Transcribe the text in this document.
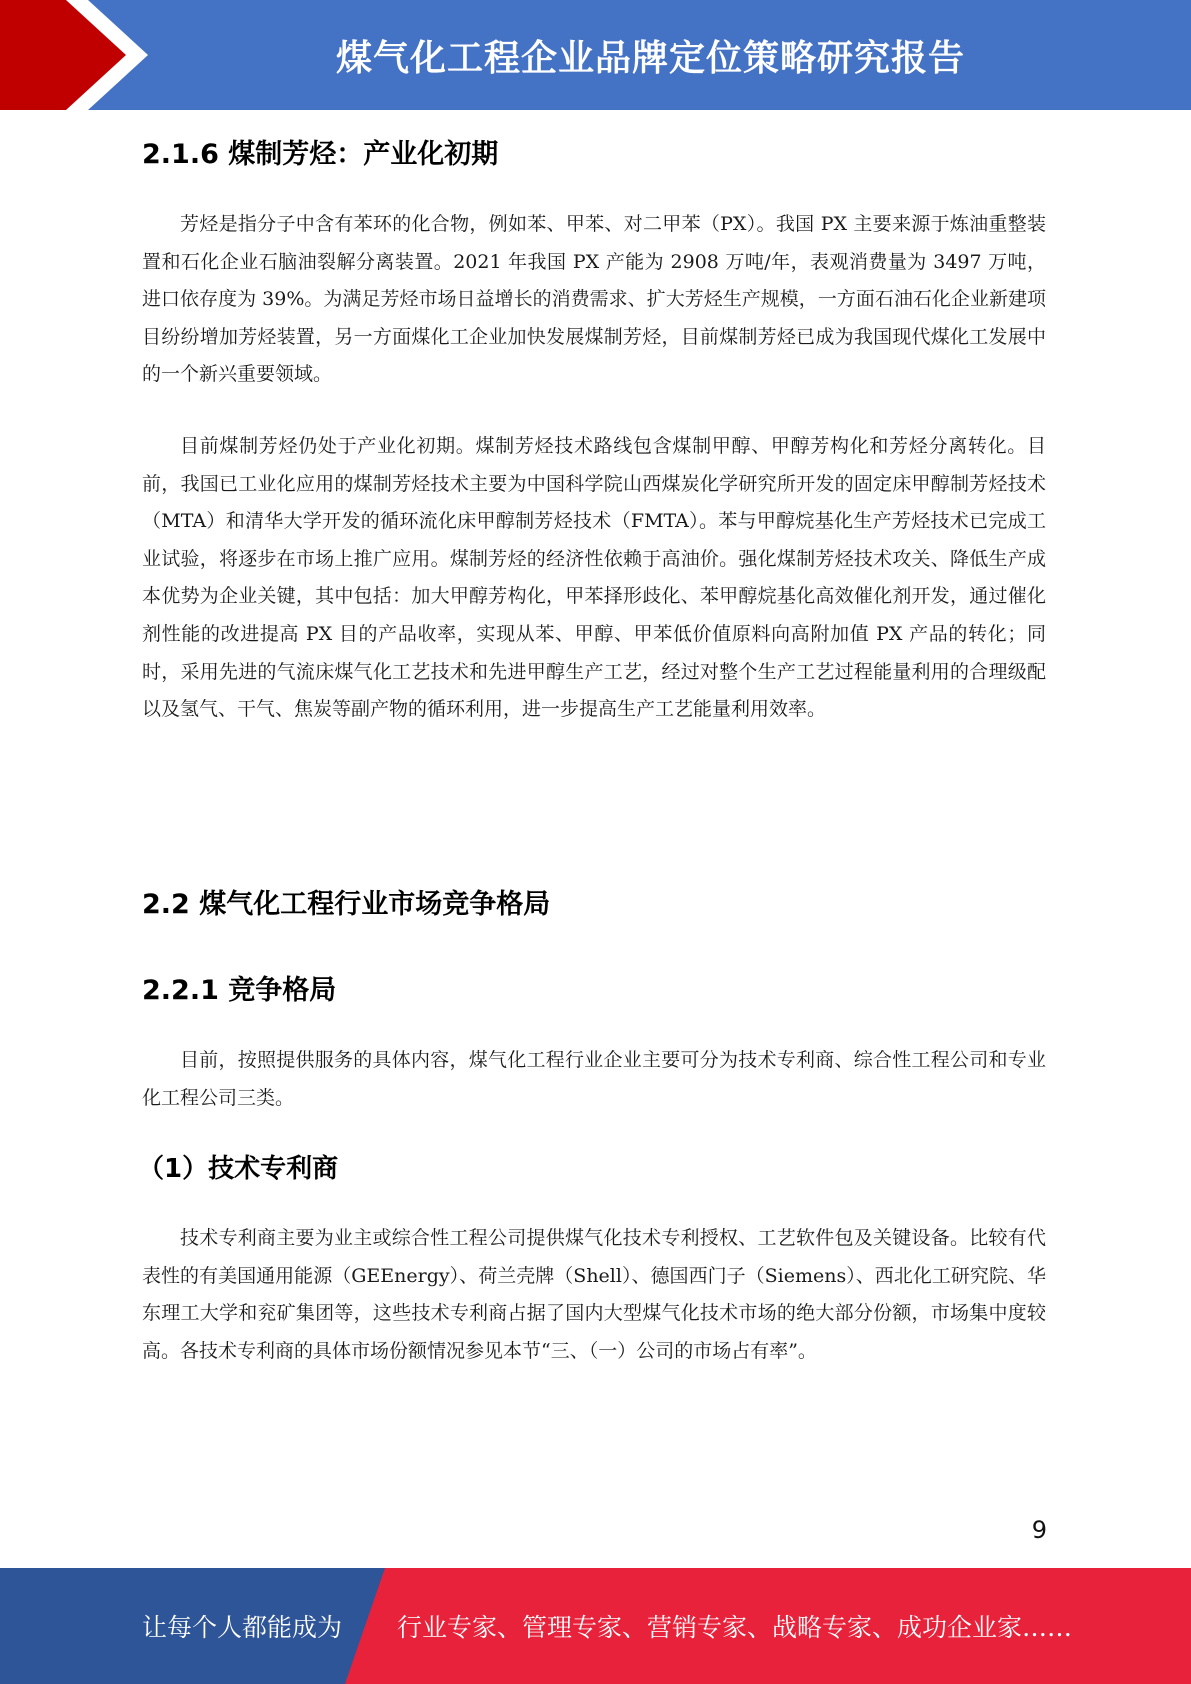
煤气化工程企业品牌定位策略研究报告
2.1.6 煤制芳烃：产业化初期

芳烃是指分子中含有苯环的化合物，例如苯、甲苯、对二甲苯（PX）。我国 PX 主要来源于炼油重整装置和石化企业石脑油裂解分离装置。2021 年我国 PX 产能为 2908 万吨/年，表观消费量为 3497 万吨，进口依存度为 39%。为满足芳烃市场日益增长的消费需求、扩大芳烃生产规模，一方面石油石化企业新建项目纷纷增加芳烃装置，另一方面煤化工企业加快发展煤制芳烃，目前煤制芳烃已成为我国现代煤化工发展中的一个新兴重要领域。

目前煤制芳烃仍处于产业化初期。煤制芳烃技术路线包含煤制甲醇、甲醇芳构化和芳烃分离转化。目前，我国已工业化应用的煤制芳烃技术主要为中国科学院山西煤炭化学研究所开发的固定床甲醇制芳烃技术（MTA）和清华大学开发的循环流化床甲醇制芳烃技术（FMTA）。苯与甲醇烷基化生产芳烃技术已完成工业试验，将逐步在市场上推广应用。煤制芳烃的经济性依赖于高油价。强化煤制芳烃技术攻关、降低生产成本优势为企业关键，其中包括：加大甲醇芳构化，甲苯择形歧化、苯甲醇烷基化高效催化剂开发，通过催化剂性能的改进提高 PX 目的产品收率，实现从苯、甲醇、甲苯低价值原料向高附加值 PX 产品的转化；同时，采用先进的气流床煤气化工艺技术和先进甲醇生产工艺，经过对整个生产工艺过程能量利用的合理级配以及氢气、干气、焦炭等副产物的循环利用，进一步提高生产工艺能量利用效率。

2.2 煤气化工程行业市场竞争格局
2.2.1 竞争格局

目前，按照提供服务的具体内容，煤气化工程行业企业主要可分为技术专利商、综合性工程公司和专业化工程公司三类。

（1）技术专利商

技术专利商主要为业主或综合性工程公司提供煤气化技术专利授权、工艺软件包及关键设备。比较有代表性的有美国通用能源（GEEnergy）、荷兰壳牌（Shell）、德国西门子（Siemens）、西北化工研究院、华东理工大学和兖矿集团等，这些技术专利商占据了国内大型煤气化技术市场的绝大部分份额，市场集中度较高。各技术专利商的具体市场份额情况参见本节“三、（一）公司的市场占有率”。

9
让每个人都能成为 行业专家、管理专家、营销专家、战略专家、成功企业家……
